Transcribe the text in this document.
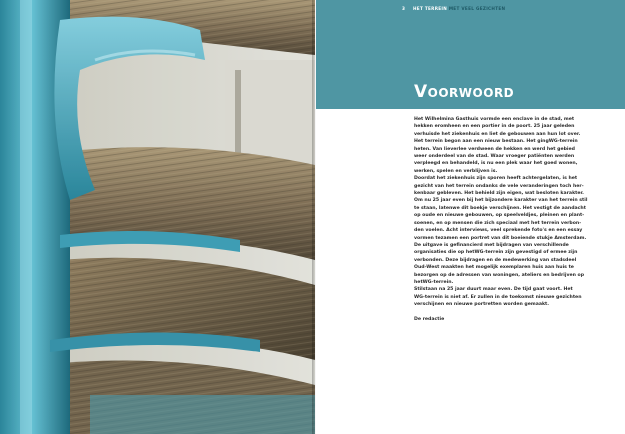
3 HET TERREIN MET VEEL GEZICHTEN
Voorwoord
Het Wilhelmina Gasthuis vormde een enclave in de stad, met
hekken eromheen en een portier in de poort. 25 jaar geleden
verhuisde het ziekenhuis en liet de gebouwen aan hun lot over.
Het terrein begon aan een nieuw bestaan. Het gingWG-terrein
heten. Van lieverlee verdween de hekken en werd het gebied
weer onderdeel van de stad. Waar vroeger patiënten werden
verpleegd en behandeld, is nu een plek waar het goed wonen,
werken, spelen en verblijven is.
Doordat het ziekenhuis zijn sporen heeft achtergelaten, is het
gezicht van het terrein ondanks de vele veranderingen toch her-
kenbaar gebleven. Het behield zijn eigen, wat besloten karakter.
Om nu 25 jaar even bij het bijzondere karakter van het terrein stil
te staan, latenwe dit boekje verschijnen. Het vestigt de aandacht
op oude en nieuwe gebouwen, op speelveldjes, pleinen en plant-
soenen, en op mensen die zich speciaal met het terrein verbon-
den voelen. Acht interviews, veel sprekende foto's en een essay
vormen tezamen een portret van dit boeiende stukje Amsterdam.
De uitgave is gefinancierd met bijdragen van verschillende
organisaties die op hetWG-terrein zijn gevestigd of ermee zijn
verbonden. Deze bijdragen en de medewerking van stadsdeel
Oud-West maakten het mogelijk exemplaren huis aan huis te
bezorgen op de adressen van woningen, ateliers en bedrijven op
hetWG-terrein.
Stilstaan na 25 jaar duurt maar even. De tijd gaat voort. Het
WG-terrein is niet af. Er zullen in de toekomst nieuwe gezichten
verschijnen en nieuwe portretten worden gemaakt.
De redactie
